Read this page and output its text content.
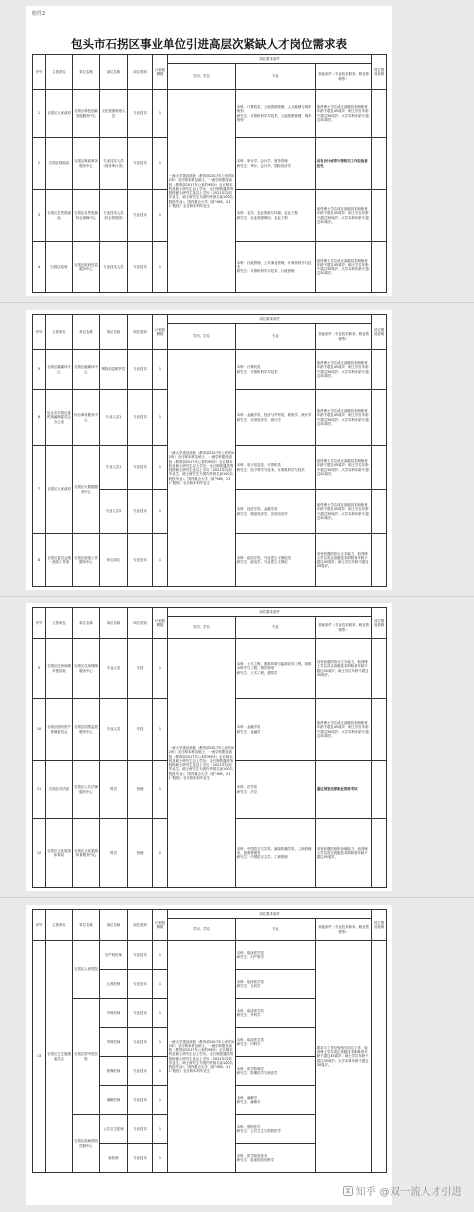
附件2
包头市石拐区事业单位引进高层次紧缺人才岗位需求表
序号	主管单位	单位名称	岗位名称	岗位类别	计划招聘数	岗位要求条件			其它情况说明
						学历、学位	专业	其他条件（专业技术职务、职业资格等）	
1	石拐区人民政府	石拐区科技创新发展服务中心	文化旅游规划人员	专业技术	1	一流大学建设高校（教育部2017年公布的42所）全日制本科及硕士、一流学科建设高校（教育部2017年公布的95所）全日制本科及硕士研究生以上学历；全日制普通高等院校硕士研究生及以上学历（2021年以前毕业生、硕士研究生为国内外排名前100名院校毕业）；国内重点大学（原“985、211”院校）全日制本科毕业生	本科：计算机类、土地资源管理、人文地理与城乡规划
研究生：计算机科学与技术、土地资源管理、城乡规划	取得博士学位或正高级技术职称者年龄不超过45周岁；硕士学位年龄不超过35周岁；大学本科年龄不超过30周岁。	
2	石拐区财政局	石拐区财政事务服务中心	专业技术人员（财务审计类）	专业技术	1		本科：审计学、会计学、财务管理
研究生：审计、会计学、国际经济学	具有会计或审计等相关工作经验者优先	
3	石拐区自然资源局	石拐区自然资源综合保障中心	专业技术人员（综合管理类）	专业技术	1		本科：农学、农业资源与环境、农业工程
研究生：农业资源利用、农业工程	取得博士学位或正高级技术职称者年龄不超过45周岁；硕士学位年龄不超过35周岁；大学本科年龄不超过30周岁。	
4	石拐区政府	石拐区政府信息服务中心	专业技术人员	专业技术	1		本科：行政管理、公共事业管理、计算机科学与技术
研究生：计算机科学与技术、行政管理	取得博士学位或正高级技术职称者年龄不超过45周岁；硕士学位年龄不超过35周岁；大学本科年龄不超过30周岁。	
序号	主管单位	单位名称	岗位名称	岗位类别	计划招聘数	岗位要求条件			其它情况说明
						学历、学位	专业	其他条件（专业技术职务、职业资格等）	
5	石拐区融媒体中心	石拐区融媒体中心	网络信息维护员	专业技术	1	一流大学建设高校（教育部2017年公布的42所）全日制本科及硕士、一流学科建设高校（教育部2017年公布的95所）全日制本科及硕士研究生以上学历；全日制普通高等院校硕士研究生及以上学历（2021年以前毕业生、硕士研究生为国内外排名前100名院校毕业）；国内重点大学（原“985、211”院校）全日制本科毕业生	本科：计算机类
研究生：计算机科学与技术	取得博士学位或正高级技术职称者年龄不超过45周岁；硕士学位年龄不超过35周岁；大学本科年龄不超过30周岁。	
6	包头市石拐区委机构编制委员会办公室	综合事务服务中心	专业人员1	专业技术	1		本科：金融学类、经济与贸易类、税收学、统计学
研究生：应用经济学、统计学	取得博士学位或正高级技术职称者年龄不超过45周岁；硕士学位年龄不超过35周岁；大学本科年龄不超过30周岁。	
7	石拐区人民政府	石拐区大数据服务中心	专业人员1	专业技术	1		本科：电子信息类、计算机类
研究生：电子科学与技术、计算机科学与技术	取得博士学位或正高级技术职称者年龄不超过45周岁；硕士学位年龄不超过35周岁；大学本科年龄不超过30周岁。	
			专业人员2	专业技术	1		本科：经济学类、金融学类
研究生：理论经济学、应用经济学	取得博士学位或正高级技术职称者年龄不超过45周岁；硕士学位年龄不超过35周岁；大学本科年龄不超过30周岁。	
8	石拐区委员会统一战线工作部	石拐区统战工作服务中心	综合岗位	专业技术	1		本科：政治学类、马克思主义理论类
研究生：政治学、马克思主义理论	具有较强的综合文字能力，取得博士学位或正高级技术职称者年龄不超过45周岁；硕士学位年龄不超过35周岁。	
序号	主管单位	单位名称	岗位名称	岗位类别	计划招聘数	岗位要求条件			其它情况说明
						学历、学位	专业	其他条件（专业技术职务、职业资格等）	
9	石拐区住房和城乡建设局	石拐区住房保障服务中心	专业人员	专技	1	一流大学建设高校（教育部2017年公布的42所）全日制本科及硕士、一流学科建设高校（教育部2017年公布的95所）全日制本科及硕士研究生以上学历；全日制普通高等院校硕士研究生及以上学历（2021年以前毕业生、硕士研究生为国内外排名前100名院校毕业）；国内重点大学（原“985、211”院校）全日制本科毕业生	本科：土木工程、建筑环境与能源应用工程、给排水科学与工程、城乡规划
研究生：土木工程、建筑学	具有较强的综合文字能力，取得博士学位或正高级技术职称者年龄不超过45周岁；硕士学位年龄不超过35周岁。	
10	石拐区国有资产管理委员会	石拐区国资监管服务中心	专业人员	专技	1		本科：金融学类
研究生：金融学	取得博士学位或正高级技术职称者年龄不超过45周岁；硕士学位年龄不超过35周岁；大学本科年龄不超过30周岁。	
11	石拐区司法局	石拐区公共法律服务中心	科员	管理	1		本科：法学类
研究生：法学	通过国家法律职业资格考试	
12	石拐区文化旅游体育局	石拐区文化旅游体育服务中心	科员	管理	2		本科：中国语言文学类、新闻传播学类、工商管理类、旅游管理类
研究生：中国语言文学、工商管理	具有较强的组织协调能力，取得博士学位或正高级技术职称者年龄不超过45周岁。	
序号	主管单位	单位名称	岗位名称	岗位类别	计划招聘数	岗位要求条件			其它情况说明
						学历、学位	专业	其他条件（专业技术职务、职业资格等）	
13	石拐区卫生健康委员会	石拐区人民医院	妇产科医师	专业技术	1	一流大学建设高校（教育部2017年公布的42所）全日制本科及硕士、一流学科建设高校（教育部2017年公布的95所）全日制本科及硕士研究生以上学历；全日制普通高等院校硕士研究生及以上学历（2021年以前毕业生、硕士研究生为国内外排名前100名院校毕业）；国内重点大学（原“985、211”院校）全日制本科毕业生	本科：临床医学类
研究生：妇产科学	要求与工作经验相关岗位工作，取得博士学位或正高级技术职称者年龄不超过45周岁；硕士学位年龄不超过35周岁；大学本科年龄不超过30周岁。	
			儿科医师	专业技术	1		本科：临床医学类
研究生：儿科学		
		石拐区蒙中医医院	外科医师	专业技术	1		本科：临床医学类
研究生：外科学		
			内科医师	专业技术	1		本科：临床医学类
研究生：内科学		
			影像医师	专业技术	1		本科：医学影像学
研究生：影像医学与核医学		
			麻醉医师	专业技术	1		本科：麻醉学
研究生：麻醉学		
		石拐区疾病预防控制中心	公共卫生医师	专业技术	1		本科：预防医学
研究生：公共卫生与预防医学		
			检验师	专业技术	1		本科：医学检验技术
研究生：临床检验诊断学		
知乎 @双一流人才引进
